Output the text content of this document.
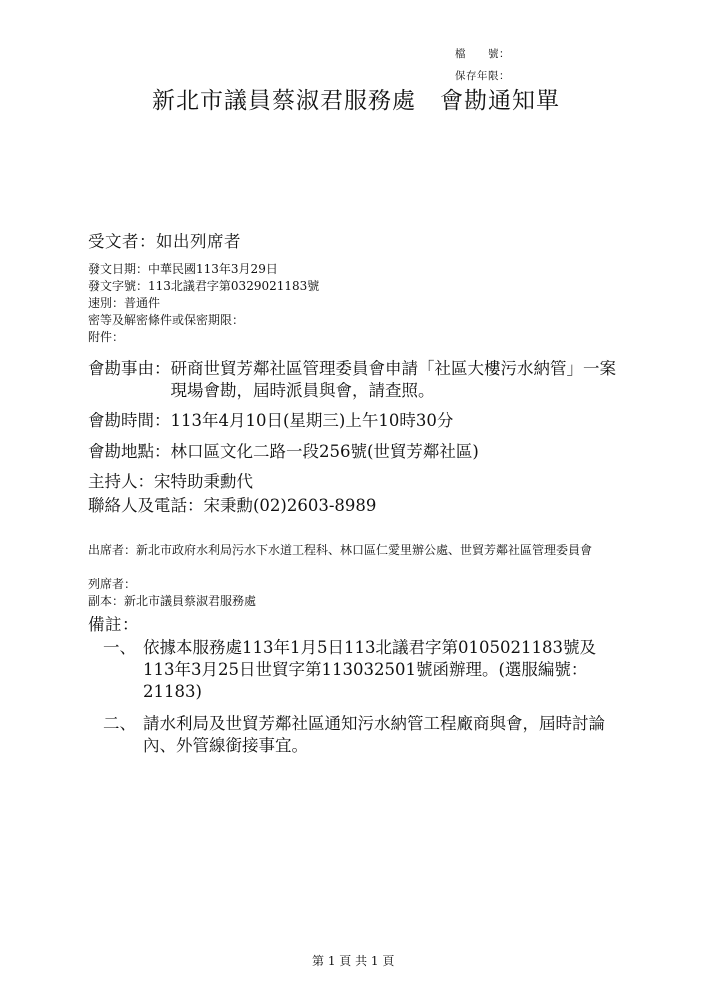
檔　　號：
保存年限：
新北市議員蔡淑君服務處　會勘通知單
受文者： 如出列席者
發文日期： 中華民國113年3月29日
發文字號： 113北議君字第0329021183號
速別： 普通件
密等及解密條件或保密期限：
附件：
會勘事由： 研商世貿芳鄰社區管理委員會申請「社區大樓污水納管」一案現場會勘，屆時派員與會，請查照。
會勘時間： 113年4月10日(星期三)上午10時30分
會勘地點： 林口區文化二路一段256號(世貿芳鄰社區)
主持人： 宋特助秉勳代
聯絡人及電話： 宋秉勳(02)2603-8989
出席者： 新北市政府水利局污水下水道工程科、林口區仁愛里辦公處、世貿芳鄰社區管理委員會
列席者：
副本： 新北市議員蔡淑君服務處
備註：
一、 依據本服務處113年1月5日113北議君字第0105021183號及113年3月25日世貿字第113032501號函辦理。(選服編號：21183)
二、 請水利局及世貿芳鄰社區通知污水納管工程廠商與會，屆時討論內、外管線銜接事宜。
第 1 頁 共 1 頁
